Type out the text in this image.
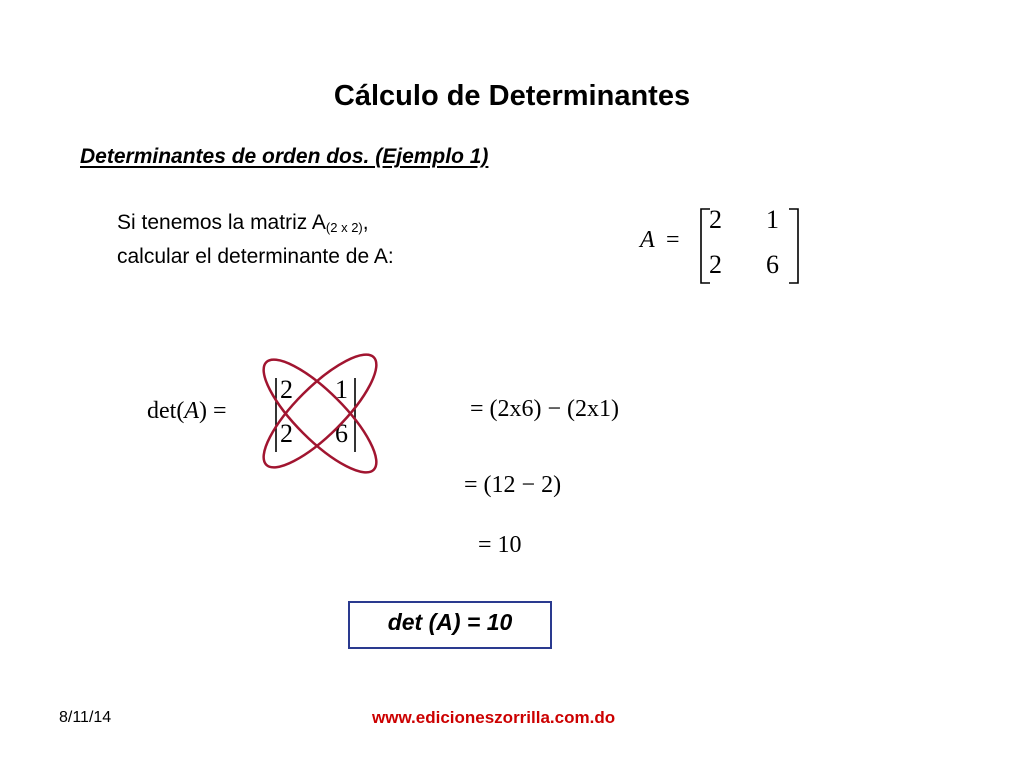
Cálculo de Determinantes
Determinantes de orden dos. (Ejemplo 1)
Si tenemos la matriz $A_{(2 x 2)}$,
calcular el determinante de A:
A =
2 1
2 6
det(A) =
2 1
2 6
= (2x6) − (2x1)
= (12 − 2)
= 10
det (A) = 10
8/11/14	www.edicioneszorrilla.com.do
